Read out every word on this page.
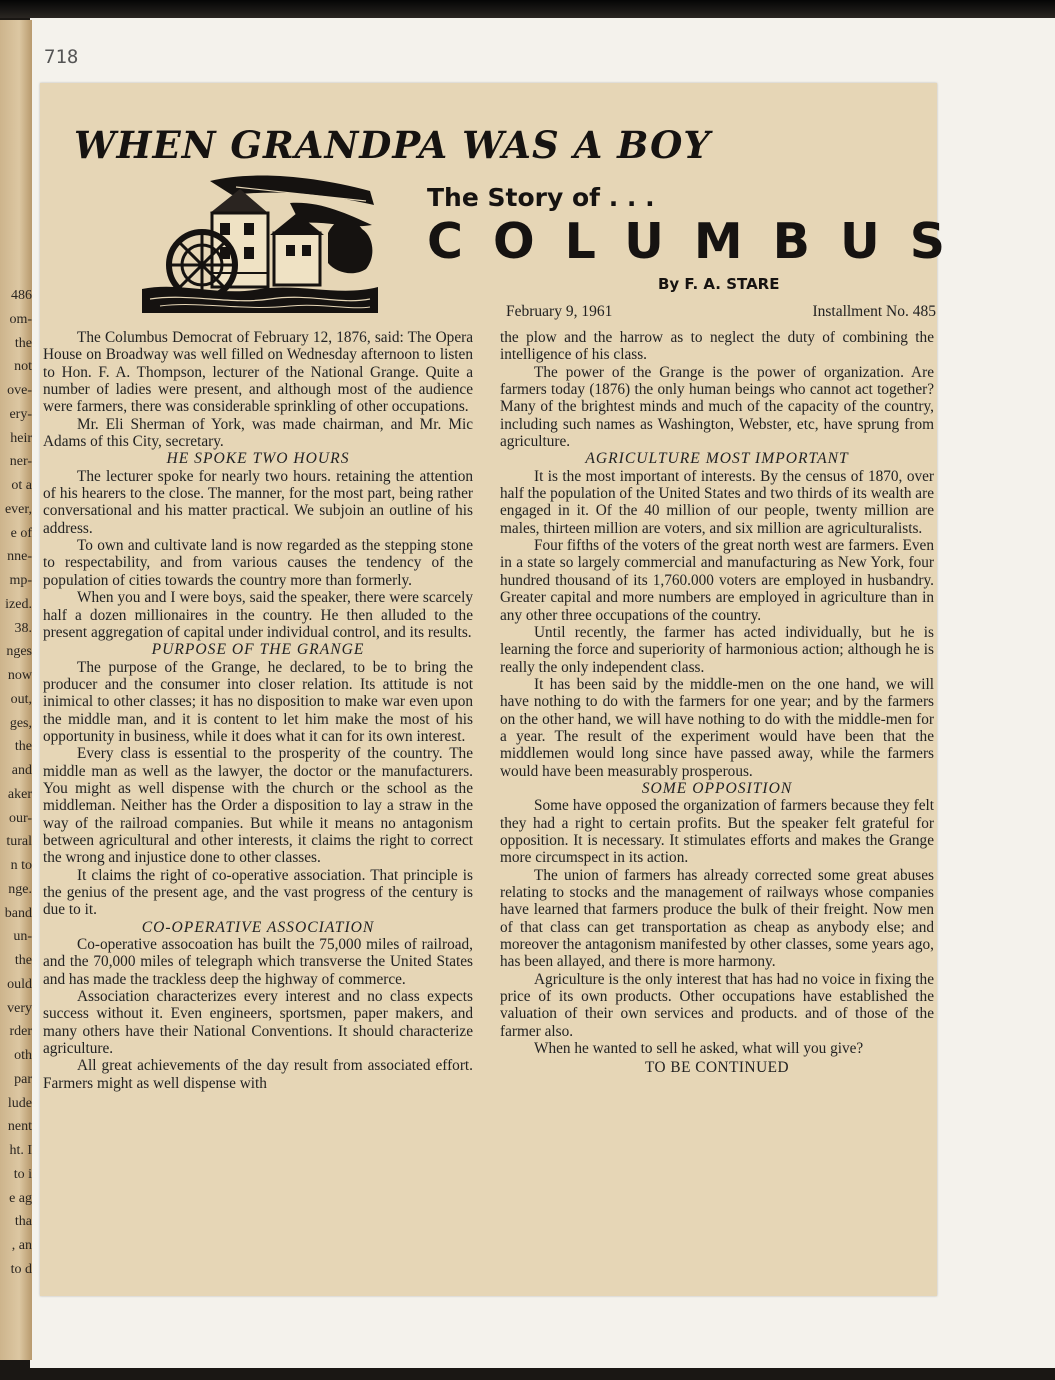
486
om-
the
not
ove-
ery-
heir
ner-
ot a
ever,
e of
nne-
mp-
ized.
38.
nges
now
out,
ges,
the
and
aker
our-
tural
n to
nge.
band
un-
the
ould
very
rder
oth
par
lude
nent
ht. I
to i
e ag
tha
, an
to d
718
WHEN GRANDPA WAS A BOY
The Story of . . .
COLUMBUS
By F. A. STARE
February 9, 1961	Installment No. 485

The Columbus Democrat of February 12, 1876, said: The Opera House on Broadway was well filled on Wednesday afternoon to listen to Hon. F. A. Thompson, lecturer of the National Grange. Quite a number of ladies were present, and although most of the audience were farmers, there was considerable sprinkling of other occupations.

Mr. Eli Sherman of York, was made chairman, and Mr. Mic Adams of this City, secretary.

HE SPOKE TWO HOURS

The lecturer spoke for nearly two hours. retaining the attention of his hearers to the close. The manner, for the most part, being rather conversational and his matter practical. We subjoin an outline of his address.

To own and cultivate land is now regarded as the stepping stone to respectability, and from various causes the tendency of the population of cities towards the country more than formerly.

When you and I were boys, said the speaker, there were scarcely half a dozen millionaires in the country. He then alluded to the present aggregation of capital under individual control, and its results.

PURPOSE OF THE GRANGE

The purpose of the Grange, he declared, to be to bring the producer and the consumer into closer relation. Its attitude is not inimical to other classes; it has no disposition to make war even upon the middle man, and it is content to let him make the most of his opportunity in business, while it does what it can for its own interest.

Every class is essential to the prosperity of the country. The middle man as well as the lawyer, the doctor or the manufacturers. You might as well dispense with the church or the school as the middleman. Neither has the Order a disposition to lay a straw in the way of the railroad companies. But while it means no antagonism between agricultural and other interests, it claims the right to correct the wrong and injustice done to other classes.

It claims the right of co-operative association. That principle is the genius of the present age, and the vast progress of the century is due to it.

CO-OPERATIVE ASSOCIATION

Co-operative assocoation has built the 75,000 miles of railroad, and the 70,000 miles of telegraph which transverse the United States and has made the trackless deep the highway of commerce.

Association characterizes every interest and no class expects success without it. Even engineers, sportsmen, paper makers, and many others have their National Conventions. It should characterize agriculture.

All great achievements of the day result from associated effort. Farmers might as well dispense with

the plow and the harrow as to neglect the duty of combining the intelligence of his class.

The power of the Grange is the power of organization. Are farmers today (1876) the only human beings who cannot act together? Many of the brightest minds and much of the capacity of the country, including such names as Washington, Webster, etc, have sprung from agriculture.

AGRICULTURE MOST IMPORTANT

It is the most important of interests. By the census of 1870, over half the population of the United States and two thirds of its wealth are engaged in it. Of the 40 million of our people, twenty million are males, thirteen million are voters, and six million are agriculturalists.

Four fifths of the voters of the great north west are farmers. Even in a state so largely commercial and manufacturing as New York, four hundred thousand of its 1,760.000 voters are employed in husbandry. Greater capital and more numbers are employed in agriculture than in any other three occupations of the country.

Until recently, the farmer has acted individually, but he is learning the force and superiority of harmonious action; although he is really the only independent class.

It has been said by the middle-men on the one hand, we will have nothing to do with the farmers for one year; and by the farmers on the other hand, we will have nothing to do with the middle-men for a year. The result of the experiment would have been that the middlemen would long since have passed away, while the farmers would have been measurably prosperous.

SOME OPPOSITION

Some have opposed the organization of farmers because they felt they had a right to certain profits. But the speaker felt grateful for opposition. It is necessary. It stimulates efforts and makes the Grange more circumspect in its action.

The union of farmers has already corrected some great abuses relating to stocks and the management of railways whose companies have learned that farmers produce the bulk of their freight. Now men of that class can get transportation as cheap as anybody else; and moreover the antagonism manifested by other classes, some years ago, has been allayed, and there is more harmony.

Agriculture is the only interest that has had no voice in fixing the price of its own products. Other occupations have established the valuation of their own services and products. and of those of the farmer also.

When he wanted to sell he asked, what will you give?

TO BE CONTINUED
